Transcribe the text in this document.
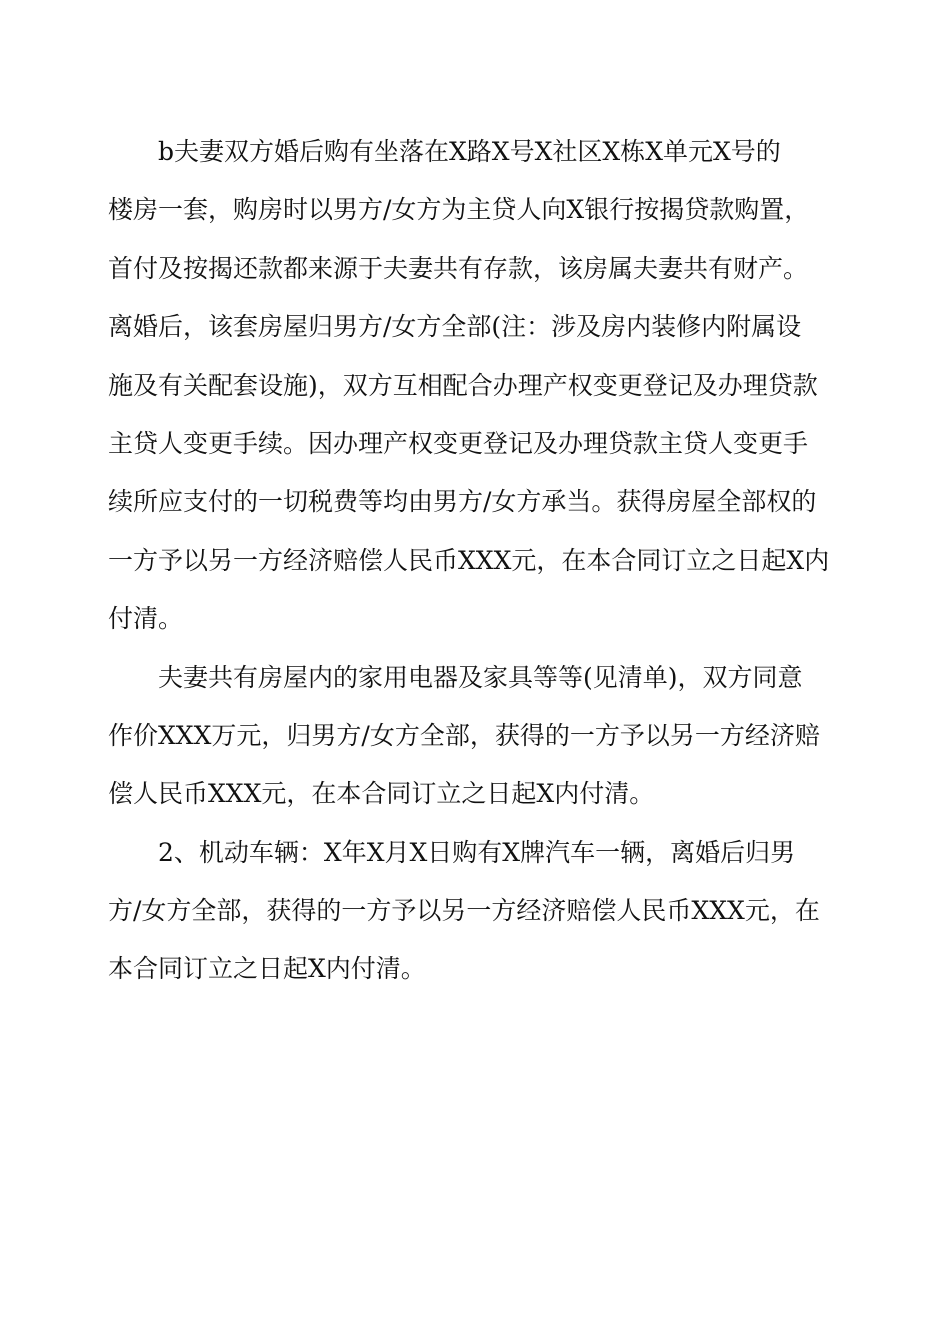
b夫妻双方婚后购有坐落在X路X号X社区X栋X单元X号的
楼房一套，购房时以男方/女方为主贷人向X银行按揭贷款购置，
首付及按揭还款都来源于夫妻共有存款，该房属夫妻共有财产。
离婚后，该套房屋归男方/女方全部(注：涉及房内装修内附属设
施及有关配套设施)，双方互相配合办理产权变更登记及办理贷款
主贷人变更手续。因办理产权变更登记及办理贷款主贷人变更手
续所应支付的一切税费等均由男方/女方承当。获得房屋全部权的
一方予以另一方经济赔偿人民币XXX元，在本合同订立之日起X内
付清。
夫妻共有房屋内的家用电器及家具等等(见清单)，双方同意
作价XXX万元，归男方/女方全部，获得的一方予以另一方经济赔
偿人民币XXX元，在本合同订立之日起X内付清。
2、机动车辆：X年X月X日购有X牌汽车一辆，离婚后归男
方/女方全部，获得的一方予以另一方经济赔偿人民币XXX元，在
本合同订立之日起X内付清。
